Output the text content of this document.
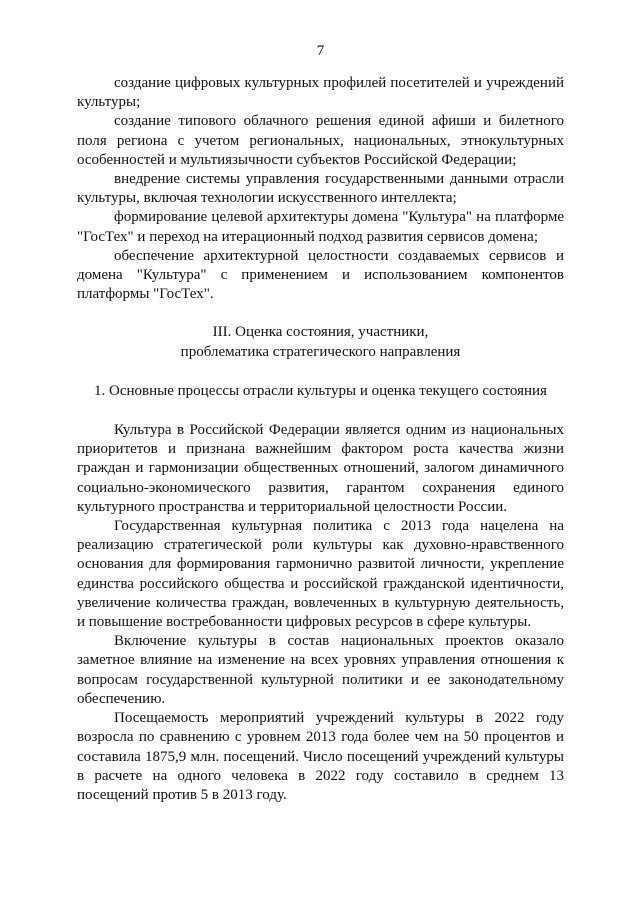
7

создание цифровых культурных профилей посетителей и учреждений культуры;

создание типового облачного решения единой афиши и билетного поля региона с учетом региональных, национальных, этнокультурных особенностей и мультиязычности субъектов Российской Федерации;

внедрение системы управления государственными данными отрасли культуры, включая технологии искусственного интеллекта;

формирование целевой архитектуры домена "Культура" на платформе "ГосТех" и переход на итерационный подход развития сервисов домена;

обеспечение архитектурной целостности создаваемых сервисов и домена "Культура" с применением и использованием компонентов платформы "ГосТех".

III. Оценка состояния, участники,
проблематика стратегического направления
1. Основные процессы отрасли культуры и оценка текущего состояния

Культура в Российской Федерации является одним из национальных приоритетов и признана важнейшим фактором роста качества жизни граждан и гармонизации общественных отношений, залогом динамичного социально-экономического развития, гарантом сохранения единого культурного пространства и территориальной целостности России.

Государственная культурная политика с 2013 года нацелена на реализацию стратегической роли культуры как духовно-нравственного основания для формирования гармонично развитой личности, укрепление единства российского общества и российской гражданской идентичности, увеличение количества граждан, вовлеченных в культурную деятельность, и повышение востребованности цифровых ресурсов в сфере культуры.

Включение культуры в состав национальных проектов оказало заметное влияние на изменение на всех уровнях управления отношения к вопросам государственной культурной политики и ее законодательному обеспечению.

Посещаемость мероприятий учреждений культуры в 2022 году возросла по сравнению с уровнем 2013 года более чем на 50 процентов и составила 1875,9 млн. посещений. Число посещений учреждений культуры в расчете на одного человека в 2022 году составило в среднем 13 посещений против 5 в 2013 году.
